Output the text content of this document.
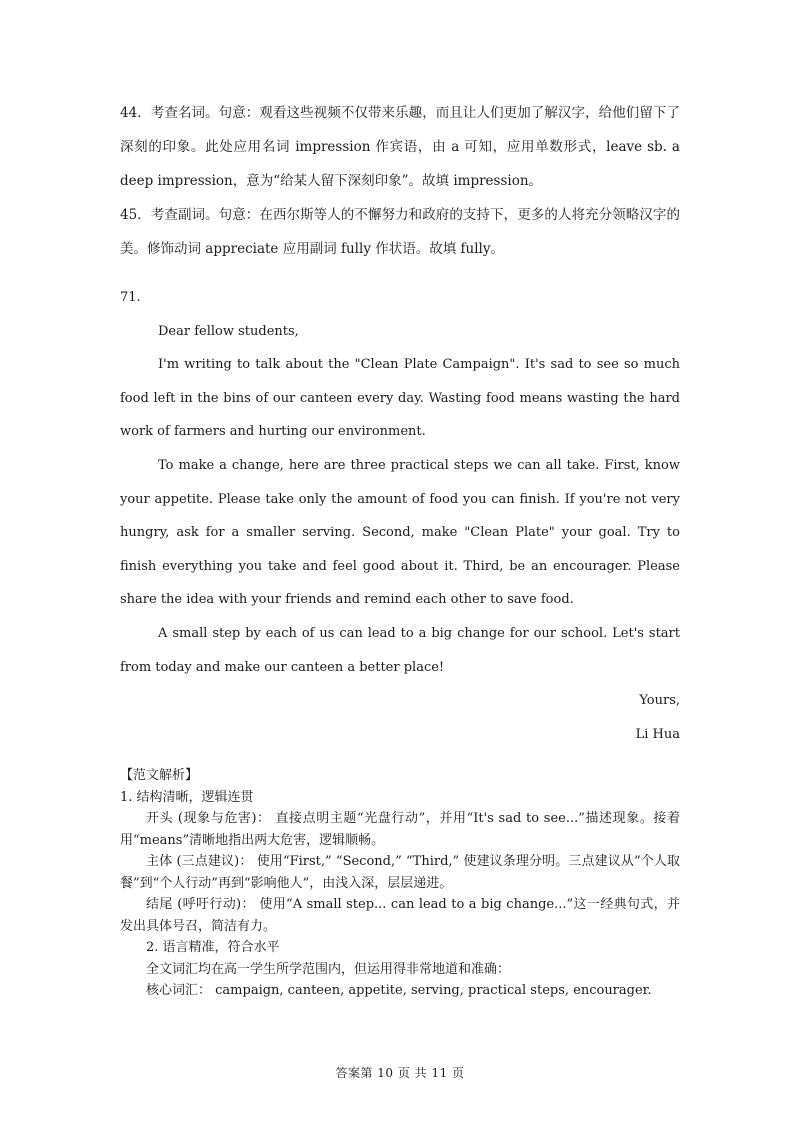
44．考查名词。句意：观看这些视频不仅带来乐趣，而且让人们更加了解汉字，给他们留下了深刻的印象。此处应用名词 impression 作宾语，由 a 可知，应用单数形式，leave sb. a deep impression，意为“给某人留下深刻印象”。故填 impression。

45．考查副词。句意：在西尔斯等人的不懈努力和政府的支持下，更多的人将充分领略汉字的美。修饰动词 appreciate 应用副词 fully 作状语。故填 fully。

71.

Dear fellow students,

I'm writing to talk about the "Clean Plate Campaign". It's sad to see so much food left in the bins of our canteen every day. Wasting food means wasting the hard work of farmers and hurting our environment.

To make a change, here are three practical steps we can all take. First, know your appetite. Please take only the amount of food you can finish. If you're not very hungry, ask for a smaller serving. Second, make "Clean Plate" your goal. Try to finish everything you take and feel good about it. Third, be an encourager. Please share the idea with your friends and remind each other to save food.

A small step by each of us can lead to a big change for our school. Let's start from today and make our canteen a better place!

Yours,

Li Hua

【范文解析】

1. 结构清晰，逻辑连贯

开头 (现象与危害)： 直接点明主题“光盘行动”，并用“It's sad to see...”描述现象。接着用“means”清晰地指出两大危害，逻辑顺畅。

主体 (三点建议)： 使用“First,” “Second,” “Third,” 使建议条理分明。三点建议从“个人取餐”到“个人行动”再到“影响他人”，由浅入深，层层递进。

结尾 (呼吁行动)： 使用“A small step... can lead to a big change...”这一经典句式，并发出具体号召，简洁有力。

2. 语言精准，符合水平

全文词汇均在高一学生所学范围内，但运用得非常地道和准确：

核心词汇： campaign, canteen, appetite, serving, practical steps, encourager.

答案第 10 页 共 11 页
